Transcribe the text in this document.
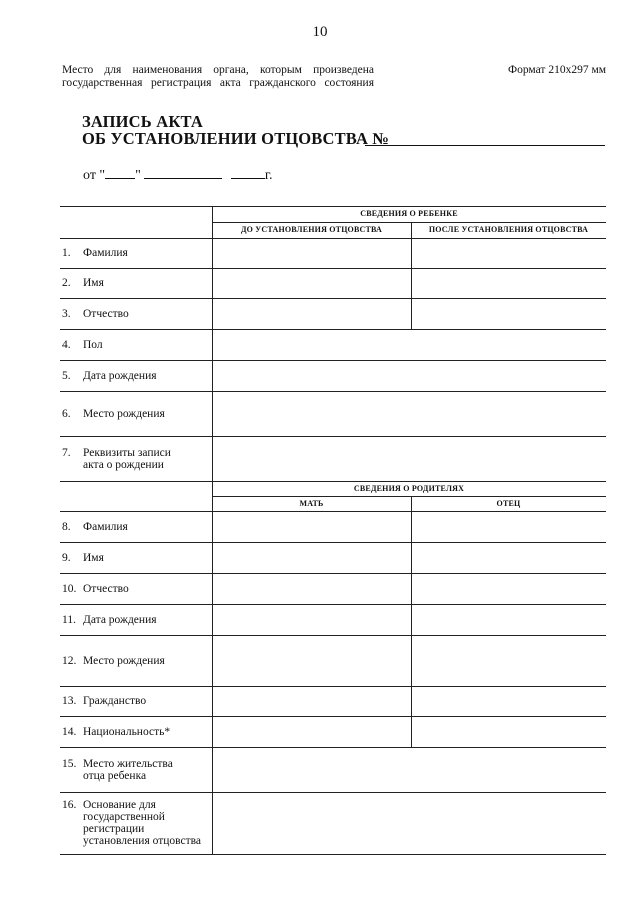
10
Место для наименования органа, которым произведена
государственная регистрация акта гражданского состояния
Формат 210x297 мм
ЗАПИСЬ АКТА
ОБ УСТАНОВЛЕНИИ ОТЦОВСТВА №
от " "	г.
СВЕДЕНИЯ О РЕБЕНКЕ
ДО УСТАНОВЛЕНИЯ ОТЦОВСТВА	ПОСЛЕ УСТАНОВЛЕНИЯ ОТЦОВСТВА
СВЕДЕНИЯ О РОДИТЕЛЯХ
МАТЬ	ОТЕЦ
1. Фамилия
2. Имя
3. Отчество
4. Пол
5. Дата рождения
6. Место рождения
7. Реквизиты записи
акта о рождении
8. Фамилия
9. Имя
10. Отчество
11. Дата рождения
12. Место рождения
13. Гражданство
14. Национальность*
15. Место жительства
отца ребенка
16. Основание для
государственной
регистрации
установления отцовства
